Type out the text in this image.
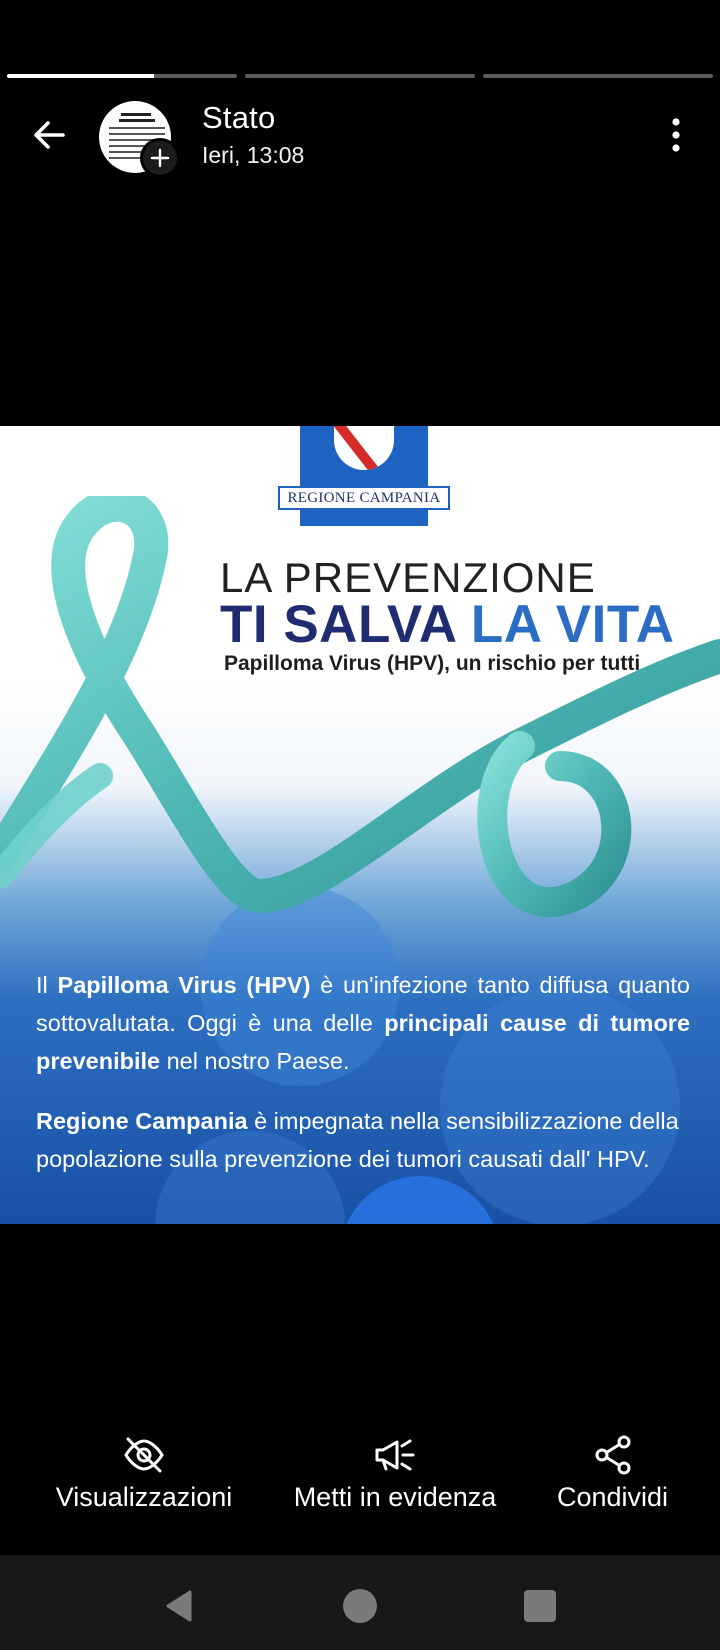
Stato
Ieri, 13:08
REGIONE CAMPANIA
LA PREVENZIONE
TI SALVA LA VITA
Papilloma Virus (HPV), un rischio per tutti
Il Papilloma Virus (HPV) è un'infezione tanto diffusa quanto sottovalutata. Oggi è una delle principali cause di tumore prevenibile nel nostro Paese.
Regione Campania è impegnata nella sensibilizzazione della popolazione sulla prevenzione dei tumori causati dall' HPV.
Visualizzazioni Metti in evidenza Condividi
